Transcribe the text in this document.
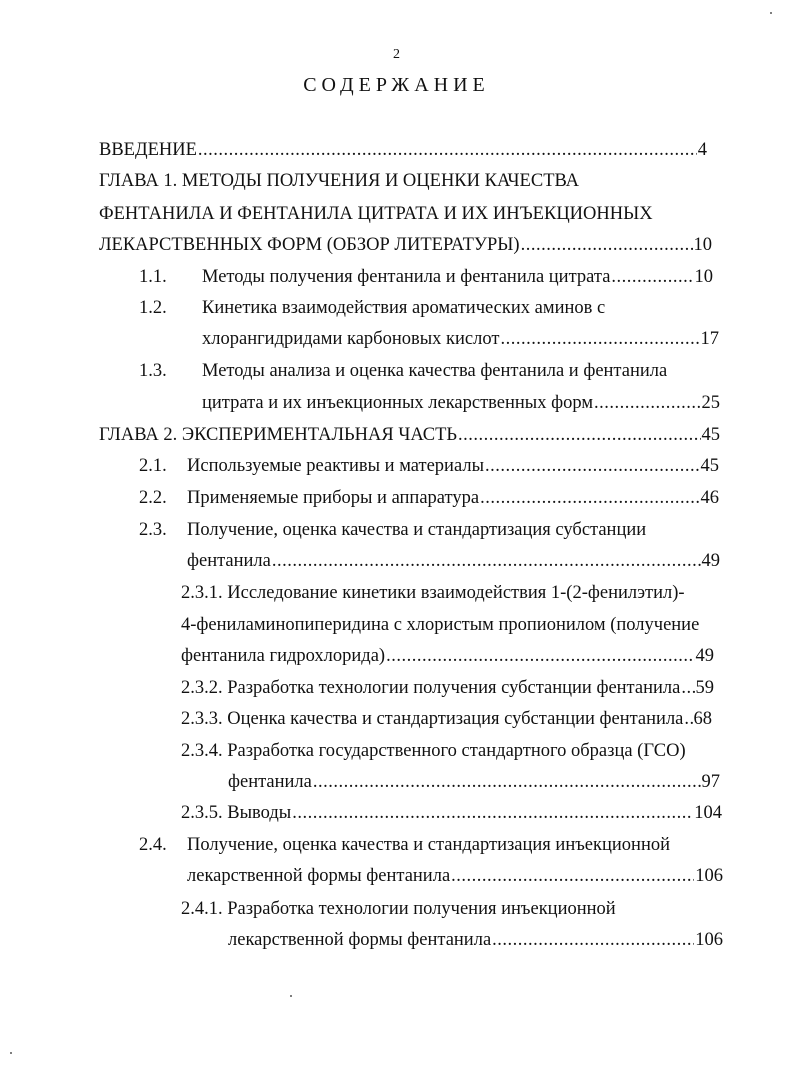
2
СОДЕРЖАНИЕ
ВВЕДЕНИЕ .....	4
ГЛАВА 1. МЕТОДЫ ПОЛУЧЕНИЯ И ОЦЕНКИ КАЧЕСТВА
ФЕНТАНИЛА И ФЕНТАНИЛА ЦИТРАТА И ИХ ИНЪЕКЦИОННЫХ
ЛЕКАРСТВЕННЫХ ФОРМ (ОБЗОР ЛИТЕРАТУРЫ) .....	10
1.1. Методы получения фентанила и фентанила цитрата .....	10
1.2. Кинетика взаимодействия ароматических аминов с
хлорангидридами карбоновых кислот .....	17
1.3. Методы анализа и оценка качества фентанила и фентанила
цитрата и их инъекционных лекарственных форм .....	25
ГЛАВА 2. ЭКСПЕРИМЕНТАЛЬНАЯ ЧАСТЬ .....	45
2.1. Используемые реактивы и материалы .....	45
2.2. Применяемые приборы и аппаратура .....	46
2.3. Получение, оценка качества и стандартизация субстанции
фентанила .....	49
2.3.1. Исследование кинетики взаимодействия 1-(2-фенилэтил)-
4-фениламинопиперидина с хлористым пропионилом (получение
фентанила гидрохлорида) .....	49
2.3.2. Разработка технологии получения субстанции фентанила ..... 59
2.3.3. Оценка качества и стандартизация субстанции фентанила ..... 68
2.3.4. Разработка государственного стандартного образца (ГСО)
фентанила .....	97
2.3.5. Выводы .....	104
2.4. Получение, оценка качества и стандартизация инъекционной
лекарственной формы фентанила .....	106
2.4.1. Разработка технологии получения инъекционной
лекарственной формы фентанила .....	106
